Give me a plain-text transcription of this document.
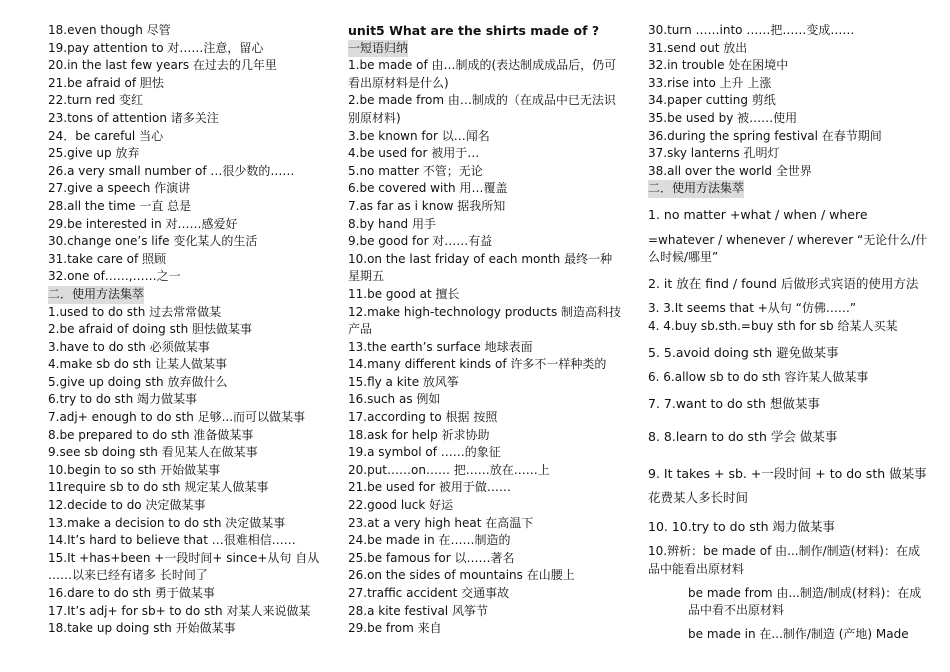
18.even though 尽管
19.pay attention to 对……注意，留心
20.in the last few years 在过去的几年里
21.be afraid of 胆怯
22.turn red 变红
23.tons of attention 诸多关注
24．be careful 当心
25.give up 放弃
26.a very small number of …很少数的……
27.give a speech 作演讲
28.all the time 一直 总是
29.be interested in 对……感爱好
30.change one’s life 变化某人的生活
31.take care of 照顾
32.one of……,……之一
二．使用方法集萃
1.used to do sth 过去常常做某
2.be afraid of doing sth 胆怯做某事
3.have to do sth 必须做某事
4.make sb do sth 让某人做某事
5.give up doing sth 放弃做什么
6.try to do sth 竭力做某事
7.adj+ enough to do sth 足够...而可以做某事
8.be prepared to do sth 准备做某事
9.see sb doing sth 看见某人在做某事
10.begin to so sth 开始做某事
11require sb to do sth 规定某人做某事
12.decide to do 决定做某事
13.make a decision to do sth 决定做某事
14.It’s hard to believe that …很难相信……
15.It +has+been +一段时间+ since+从句 自从
……以来已经有诸多 长时间了
16.dare to do sth 勇于做某事
17.It’s adj+ for sb+ to do sth 对某人来说做某
18.take up doing sth 开始做某事
unit5 What are the shirts made of ?
一短语归纳
1.be made of 由…制成的(表达制成成品后，仍可看出原材料是什么)
2.be made from 由…制成的（在成品中已无法识别原材料)
3.be known for 以…闻名
4.be used for 被用于…
5.no matter 不管；无论
6.be covered with 用…覆盖
7.as far as i know 据我所知
8.by hand 用手
9.be good for 对……有益
10.on the last friday of each month 最终一种星期五
11.be good at 擅长
12.make high-technology products 制造高科技产品
13.the earth’s surface 地球表面
14.many different kinds of 许多不一样种类的
15.fly a kite 放风筝
16.such as 例如
17.according to 根据 按照
18.ask for help 祈求协助
19.a symbol of ……的象征
20.put……on…… 把……放在……上
21.be used for 被用于做……
22.good luck 好运
23.at a very high heat 在高温下
24.be made in 在……制造的
25.be famous for 以……著名
26.on the sides of mountains 在山腰上
27.traffic accident 交通事故
28.a kite festival 风筝节
29.be from 来自
30.turn ……into ……把……变成……
31.send out 放出
32.in trouble 处在困境中
33.rise into 上升 上涨
34.paper cutting 剪纸
35.be used by 被……使用
36.during the spring festival 在春节期间
37.sky lanterns 孔明灯
38.all over the world 全世界
二．使用方法集萃
1. no matter +what / when / where
=whatever / whenever / wherever “无论什么/什么时候/哪里”
2. it 放在 find / found 后做形式宾语的使用方法
3. 3.It seems that +从句 “仿佛……”
4. 4.buy sb.sth.=buy sth for sb 给某人买某
5. 5.avoid doing sth 避免做某事
6. 6.allow sb to do sth 容许某人做某事
7. 7.want to do sth 想做某事
8. 8.learn to do sth 学会 做某事
9. It takes + sb. +一段时间 + to do sth 做某事花费某人多长时间
10. 10.try to do sth 竭力做某事
10.辨析：be made of 由...制作/制造(材料)：在成品中能看出原材料
be made from 由...制造/制成(材料)：在成品中看不出原材料
be made in 在...制作/制造 (产地) Made
